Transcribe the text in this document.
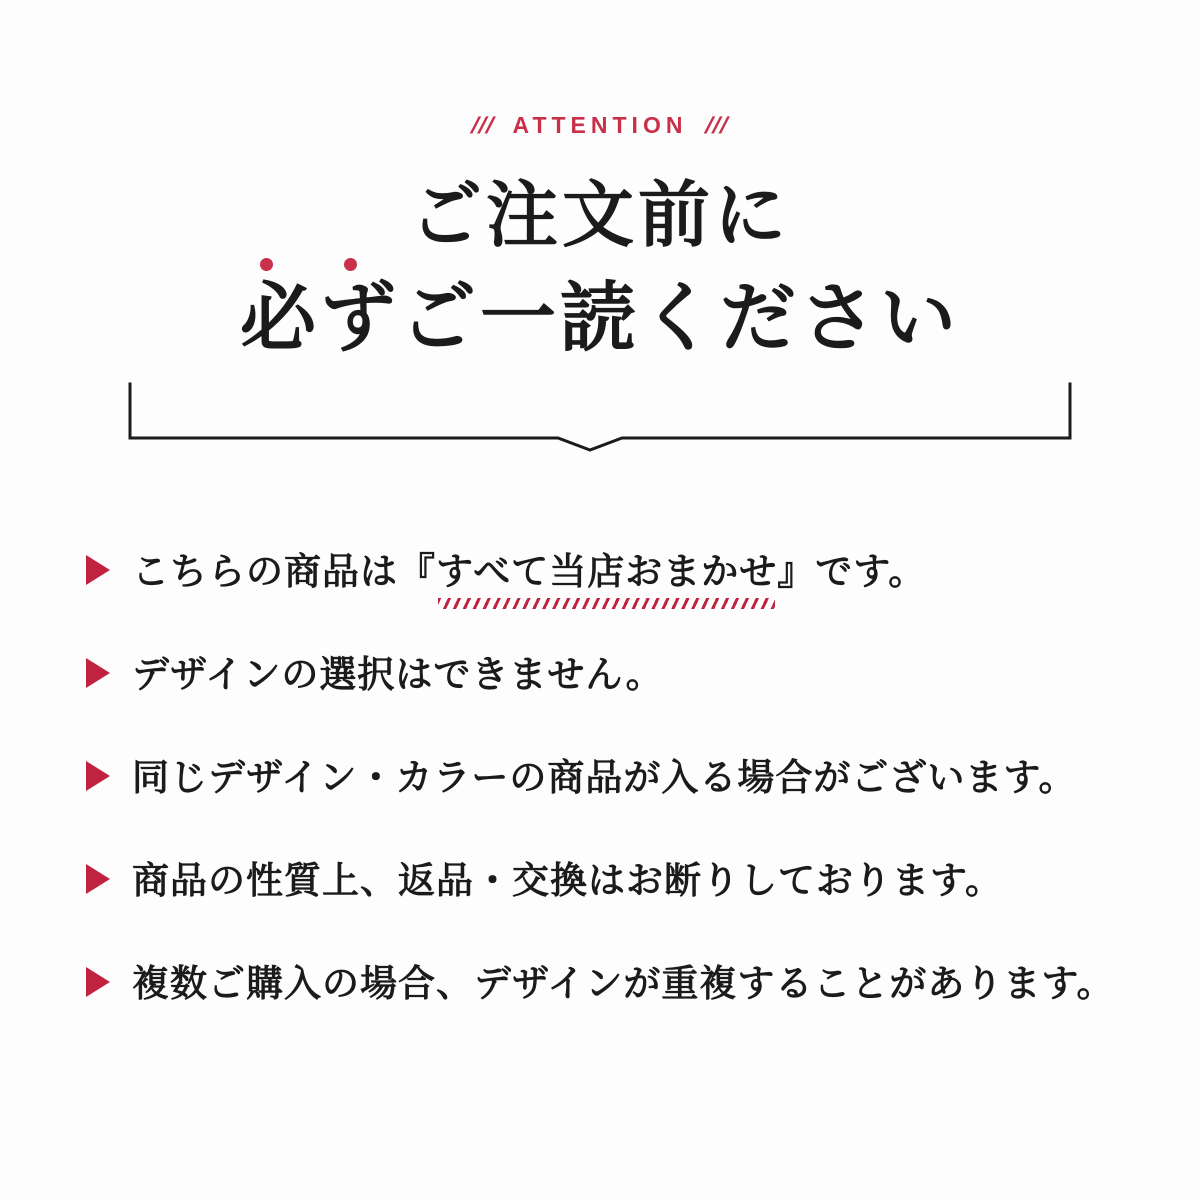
/// ATTENTION ///
ご注文前に
必ずご一読ください
こちらの商品は『すべて当店おまかせ』です。
デザインの選択はできません。
同じデザイン・カラーの商品が入る場合がございます。
商品の性質上、返品・交換はお断りしております。
複数ご購入の場合、デザインが重複することがあります。
